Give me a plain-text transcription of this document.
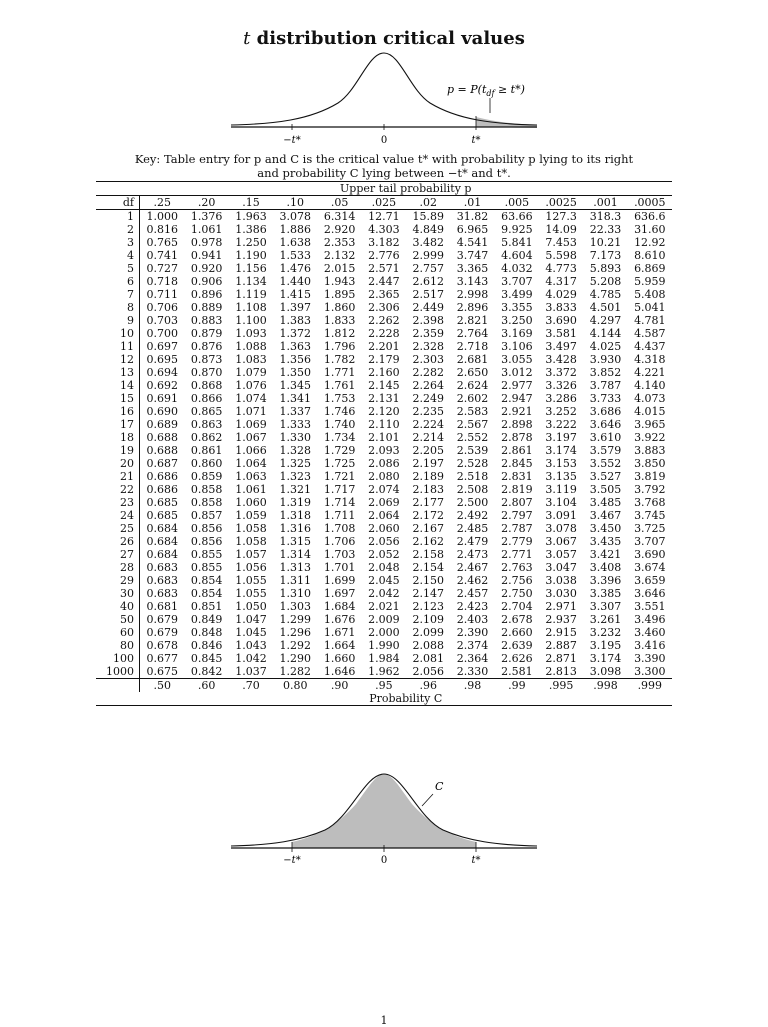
t distribution critical values
$p = P(t_{df} \ge t*)$
−t*	0	t*
Key: Table entry for p and C is the critical value t* with probability p lying to its right
and probability C lying between −t* and t*.
	Upper tail probability p											
df	.25	.20	.15	.10	.05	.025	.02	.01	.005	.0025	.001	.0005
1	1.000	1.376	1.963	3.078	6.314	12.71	15.89	31.82	63.66	127.3	318.3	636.6
2	0.816	1.061	1.386	1.886	2.920	4.303	4.849	6.965	9.925	14.09	22.33	31.60
3	0.765	0.978	1.250	1.638	2.353	3.182	3.482	4.541	5.841	7.453	10.21	12.92
4	0.741	0.941	1.190	1.533	2.132	2.776	2.999	3.747	4.604	5.598	7.173	8.610
5	0.727	0.920	1.156	1.476	2.015	2.571	2.757	3.365	4.032	4.773	5.893	6.869
6	0.718	0.906	1.134	1.440	1.943	2.447	2.612	3.143	3.707	4.317	5.208	5.959
7	0.711	0.896	1.119	1.415	1.895	2.365	2.517	2.998	3.499	4.029	4.785	5.408
8	0.706	0.889	1.108	1.397	1.860	2.306	2.449	2.896	3.355	3.833	4.501	5.041
9	0.703	0.883	1.100	1.383	1.833	2.262	2.398	2.821	3.250	3.690	4.297	4.781
10	0.700	0.879	1.093	1.372	1.812	2.228	2.359	2.764	3.169	3.581	4.144	4.587
11	0.697	0.876	1.088	1.363	1.796	2.201	2.328	2.718	3.106	3.497	4.025	4.437
12	0.695	0.873	1.083	1.356	1.782	2.179	2.303	2.681	3.055	3.428	3.930	4.318
13	0.694	0.870	1.079	1.350	1.771	2.160	2.282	2.650	3.012	3.372	3.852	4.221
14	0.692	0.868	1.076	1.345	1.761	2.145	2.264	2.624	2.977	3.326	3.787	4.140
15	0.691	0.866	1.074	1.341	1.753	2.131	2.249	2.602	2.947	3.286	3.733	4.073
16	0.690	0.865	1.071	1.337	1.746	2.120	2.235	2.583	2.921	3.252	3.686	4.015
17	0.689	0.863	1.069	1.333	1.740	2.110	2.224	2.567	2.898	3.222	3.646	3.965
18	0.688	0.862	1.067	1.330	1.734	2.101	2.214	2.552	2.878	3.197	3.610	3.922
19	0.688	0.861	1.066	1.328	1.729	2.093	2.205	2.539	2.861	3.174	3.579	3.883
20	0.687	0.860	1.064	1.325	1.725	2.086	2.197	2.528	2.845	3.153	3.552	3.850
21	0.686	0.859	1.063	1.323	1.721	2.080	2.189	2.518	2.831	3.135	3.527	3.819
22	0.686	0.858	1.061	1.321	1.717	2.074	2.183	2.508	2.819	3.119	3.505	3.792
23	0.685	0.858	1.060	1.319	1.714	2.069	2.177	2.500	2.807	3.104	3.485	3.768
24	0.685	0.857	1.059	1.318	1.711	2.064	2.172	2.492	2.797	3.091	3.467	3.745
25	0.684	0.856	1.058	1.316	1.708	2.060	2.167	2.485	2.787	3.078	3.450	3.725
26	0.684	0.856	1.058	1.315	1.706	2.056	2.162	2.479	2.779	3.067	3.435	3.707
27	0.684	0.855	1.057	1.314	1.703	2.052	2.158	2.473	2.771	3.057	3.421	3.690
28	0.683	0.855	1.056	1.313	1.701	2.048	2.154	2.467	2.763	3.047	3.408	3.674
29	0.683	0.854	1.055	1.311	1.699	2.045	2.150	2.462	2.756	3.038	3.396	3.659
30	0.683	0.854	1.055	1.310	1.697	2.042	2.147	2.457	2.750	3.030	3.385	3.646
40	0.681	0.851	1.050	1.303	1.684	2.021	2.123	2.423	2.704	2.971	3.307	3.551
50	0.679	0.849	1.047	1.299	1.676	2.009	2.109	2.403	2.678	2.937	3.261	3.496
60	0.679	0.848	1.045	1.296	1.671	2.000	2.099	2.390	2.660	2.915	3.232	3.460
80	0.678	0.846	1.043	1.292	1.664	1.990	2.088	2.374	2.639	2.887	3.195	3.416
100	0.677	0.845	1.042	1.290	1.660	1.984	2.081	2.364	2.626	2.871	3.174	3.390
1000	0.675	0.842	1.037	1.282	1.646	1.962	2.056	2.330	2.581	2.813	3.098	3.300
	.50	.60	.70	0.80	.90	.95	.96	.98	.99	.995	.998	.999
	Probability C											
C
−t*	0	t*
1
